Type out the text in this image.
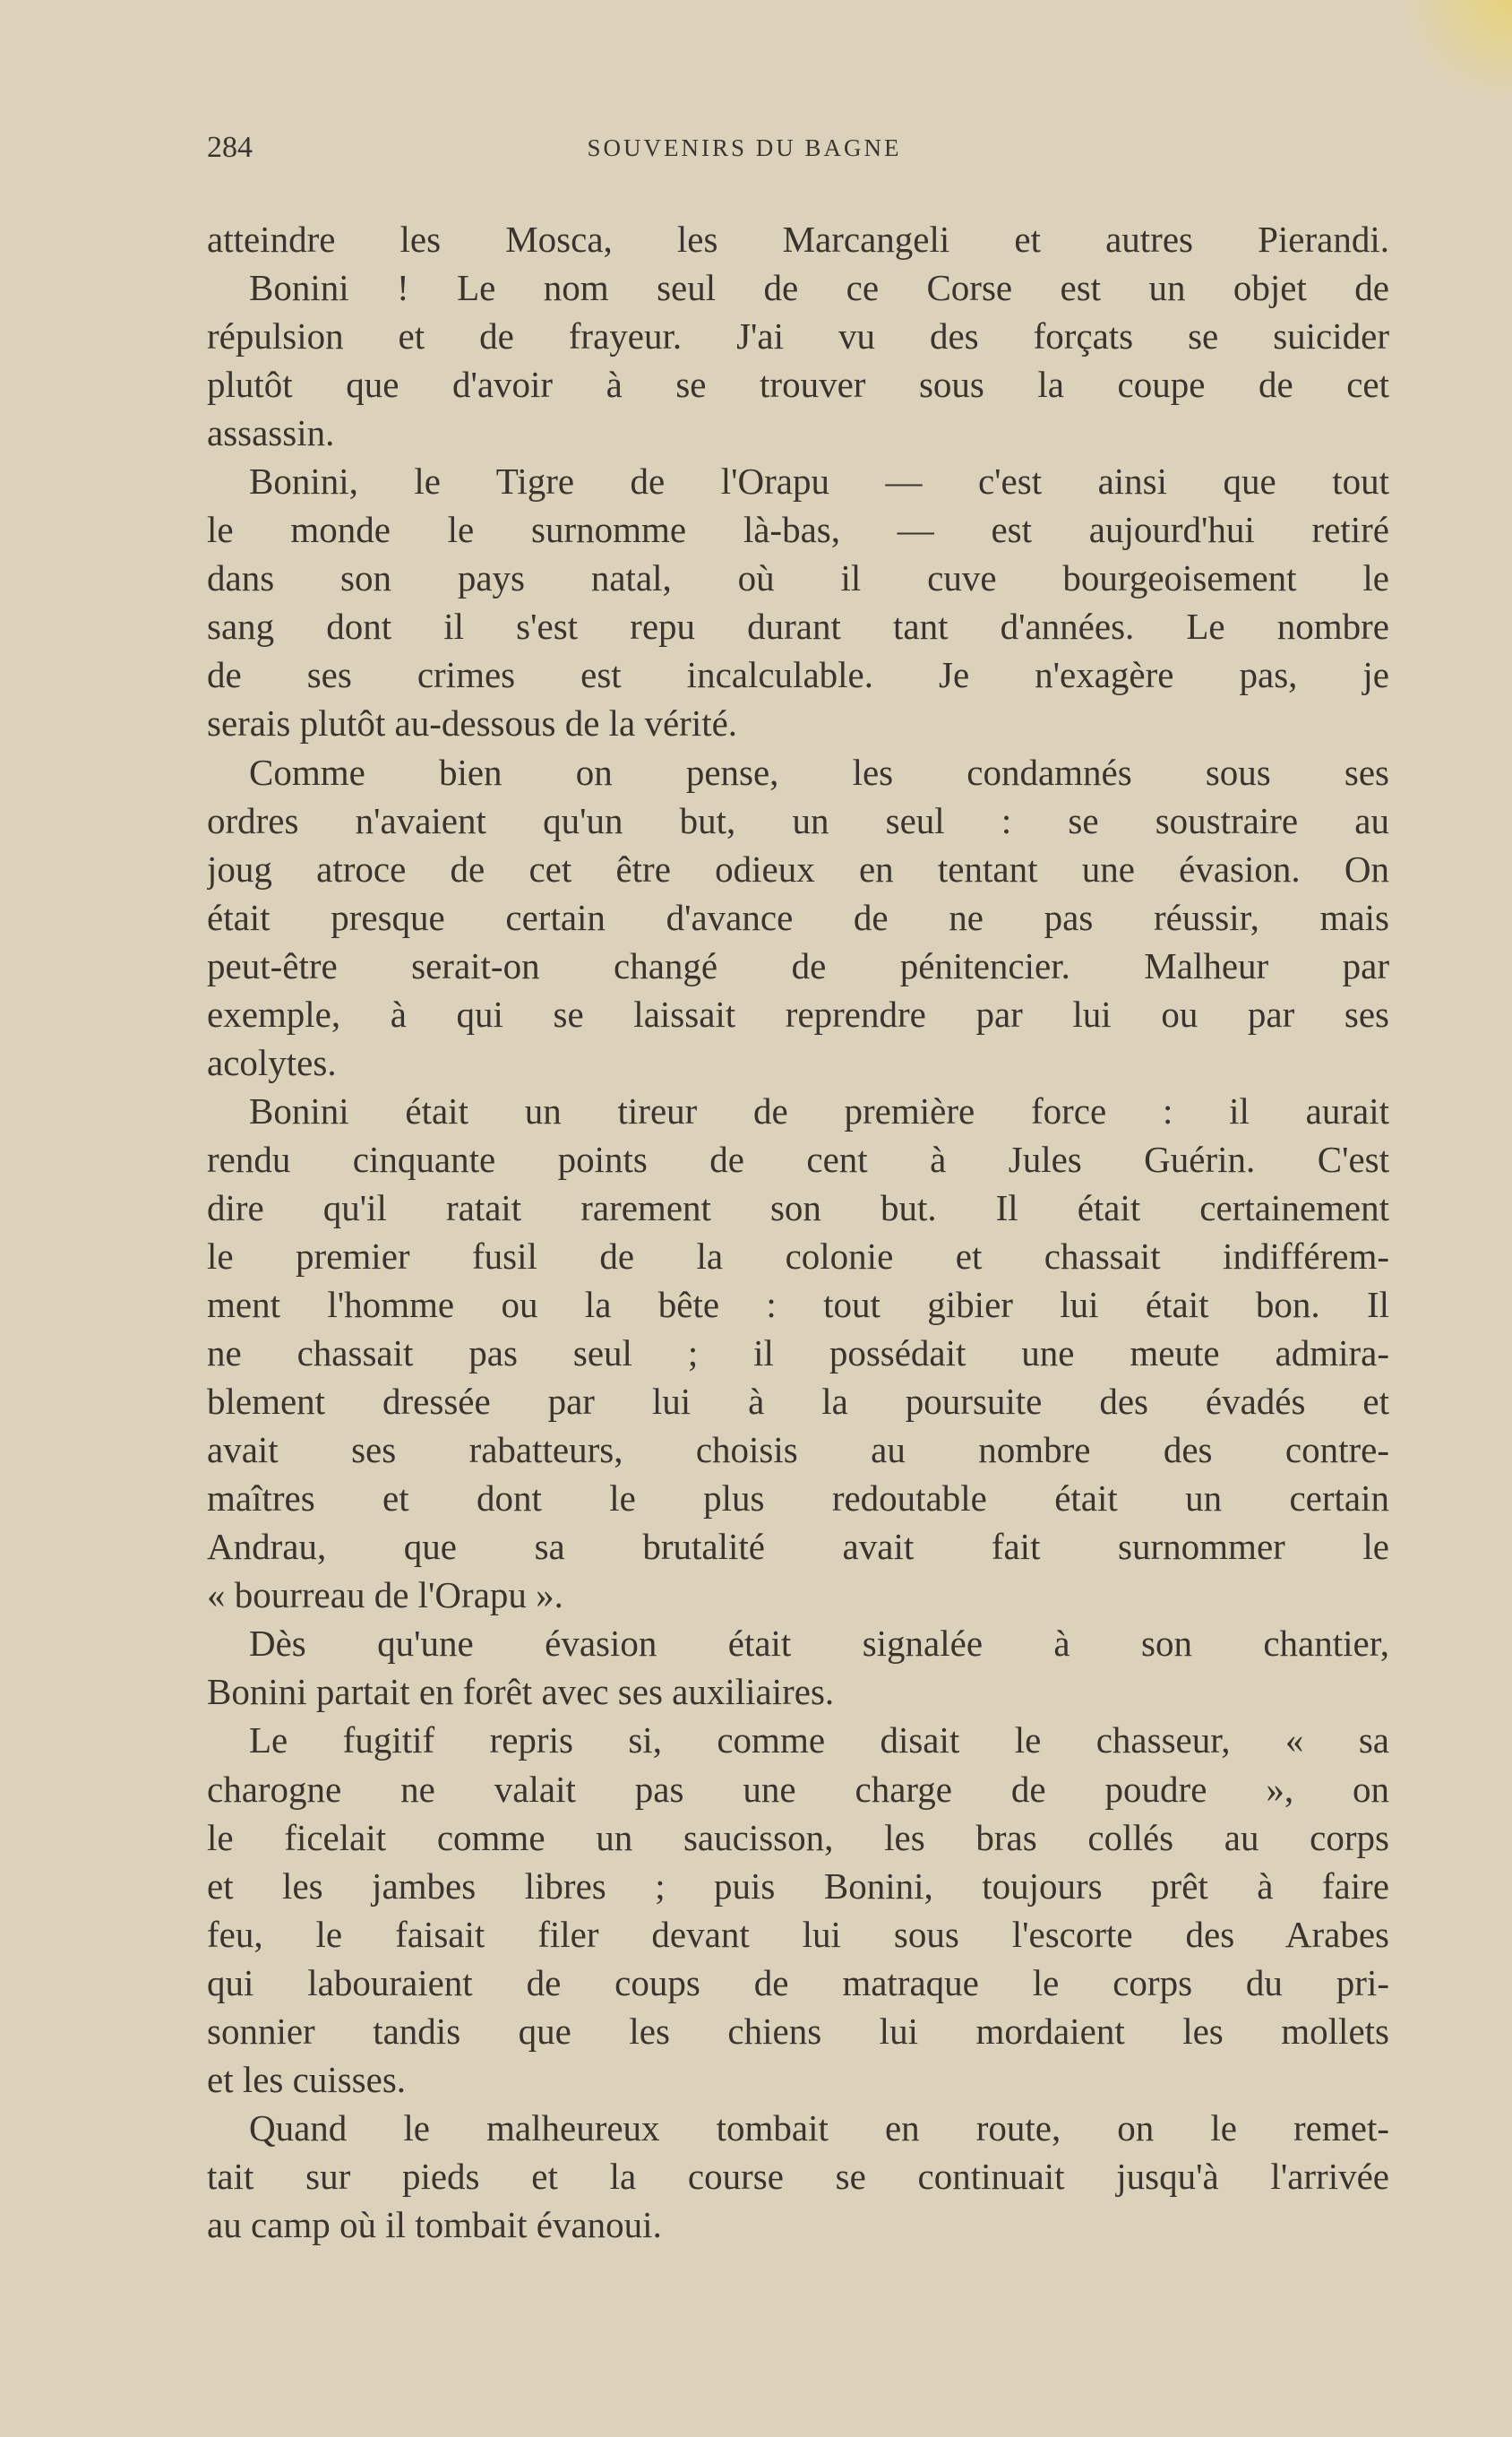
284	SOUVENIRS DU BAGNE
atteindre les Mosca, les Marcangeli et autres Pierandi.
Bonini ! Le nom seul de ce Corse est un objet de
répulsion et de frayeur. J'ai vu des forçats se suicider
plutôt que d'avoir à se trouver sous la coupe de cet
assassin.
Bonini, le Tigre de l'Orapu — c'est ainsi que tout
le monde le surnomme là-bas, — est aujourd'hui retiré
dans son pays natal, où il cuve bourgeoisement le
sang dont il s'est repu durant tant d'années. Le nombre
de ses crimes est incalculable. Je n'exagère pas, je
serais plutôt au-dessous de la vérité.
Comme bien on pense, les condamnés sous ses
ordres n'avaient qu'un but, un seul : se soustraire au
joug atroce de cet être odieux en tentant une évasion. On
était presque certain d'avance de ne pas réussir, mais
peut-être serait-on changé de pénitencier. Malheur par
exemple, à qui se laissait reprendre par lui ou par ses
acolytes.
Bonini était un tireur de première force : il aurait
rendu cinquante points de cent à Jules Guérin. C'est
dire qu'il ratait rarement son but. Il était certainement
le premier fusil de la colonie et chassait indifférem-
ment l'homme ou la bête : tout gibier lui était bon. Il
ne chassait pas seul ; il possédait une meute admira-
blement dressée par lui à la poursuite des évadés et
avait ses rabatteurs, choisis au nombre des contre-
maîtres et dont le plus redoutable était un certain
Andrau, que sa brutalité avait fait surnommer le
« bourreau de l'Orapu ».
Dès qu'une évasion était signalée à son chantier,
Bonini partait en forêt avec ses auxiliaires.
Le fugitif repris si, comme disait le chasseur, « sa
charogne ne valait pas une charge de poudre », on
le ficelait comme un saucisson, les bras collés au corps
et les jambes libres ; puis Bonini, toujours prêt à faire
feu, le faisait filer devant lui sous l'escorte des Arabes
qui labouraient de coups de matraque le corps du pri-
sonnier tandis que les chiens lui mordaient les mollets
et les cuisses.
Quand le malheureux tombait en route, on le remet-
tait sur pieds et la course se continuait jusqu'à l'arrivée
au camp où il tombait évanoui.
